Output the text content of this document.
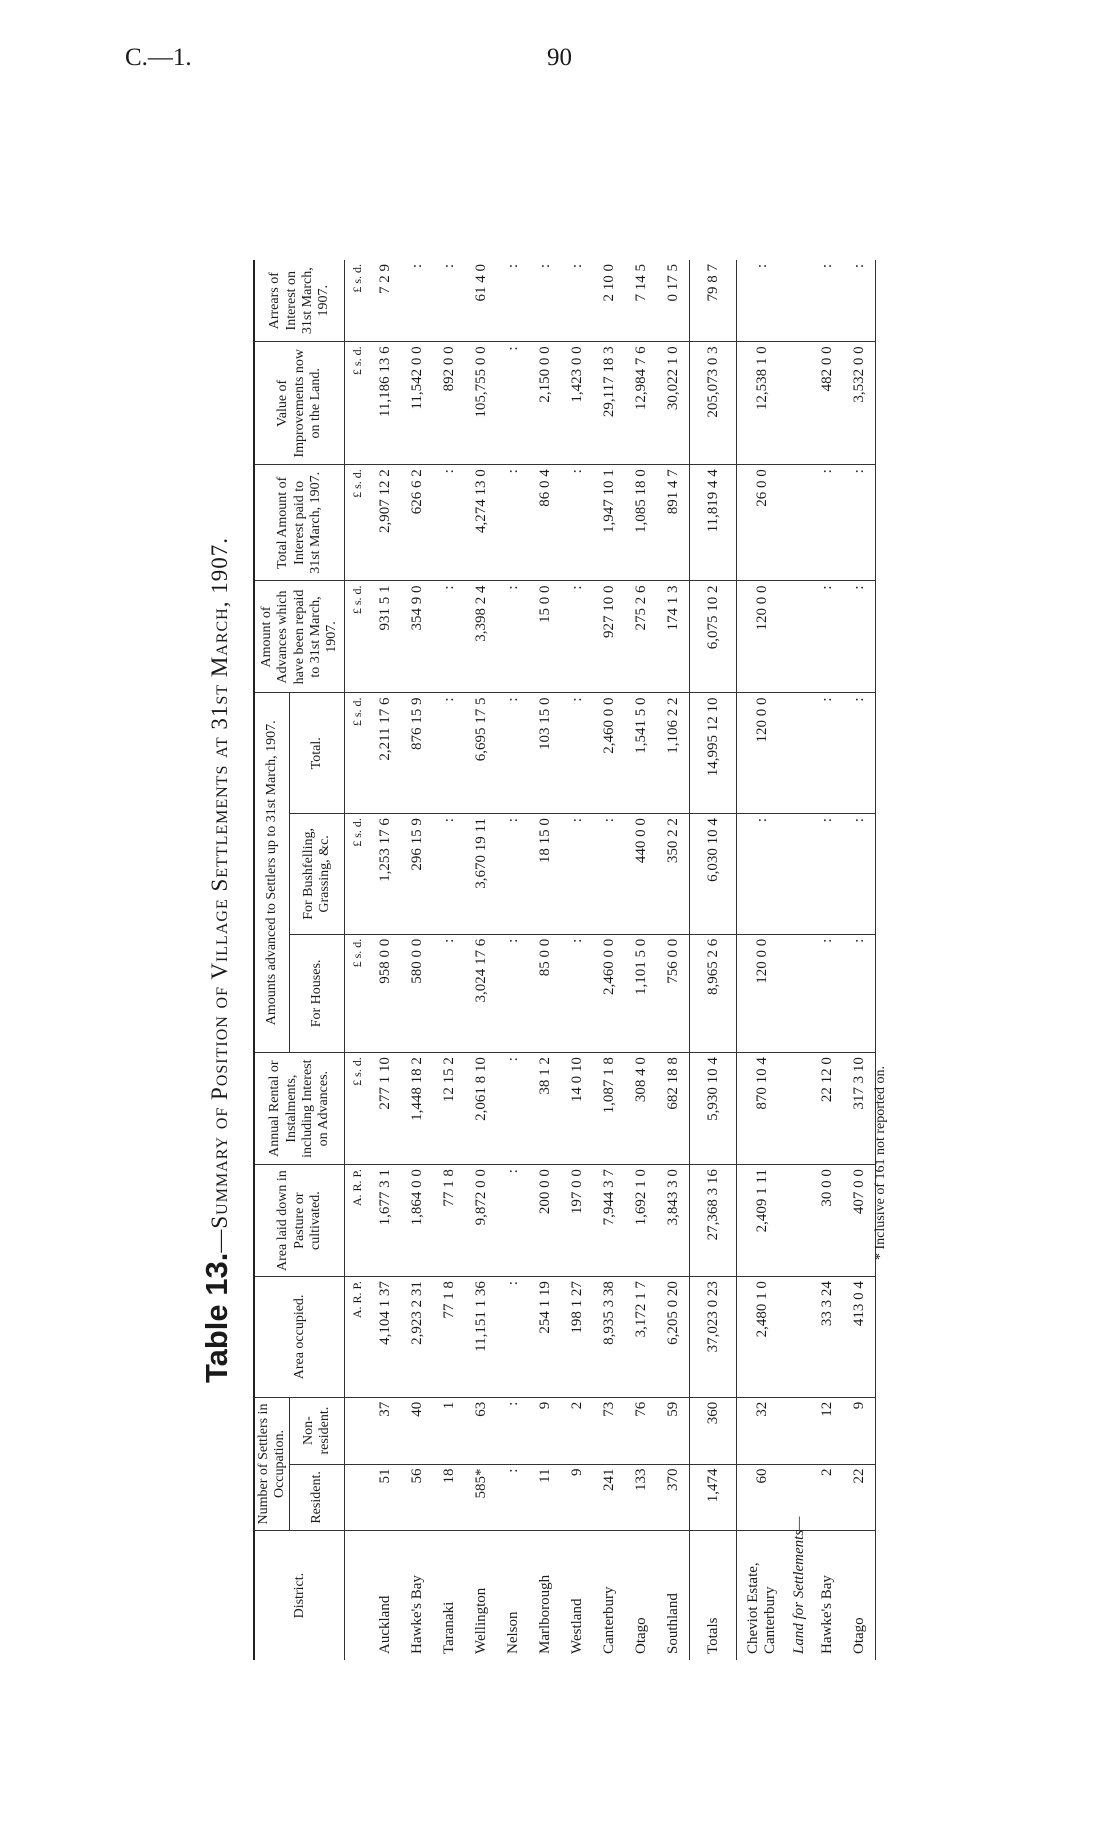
C.—1.	90
Table 13.—Summary of Position of Village Settlements at 31st March, 1907.
District.	Number of Settlers in Occupation.		Area occupied.	Area laid down in Pasture or cultivated.	Annual Rental or Instalments, including Interest on Advances.	Amounts advanced to Settlers up to 31st March, 1907.			Amount of Advances which have been repaid to 31st March, 1907.	Total Amount of Interest paid to 31st March, 1907.	Value of Improvements now on the Land.	Arrears of Interest on 31st March, 1907.
	Resident.	Non-resident.				For Houses.	For Bushfelling, Grassing, &c.	Total.				
			A. R. P.	A. R. P.	£ s. d.	£ s. d.	£ s. d.	£ s. d.	£ s. d.	£ s. d.	£ s. d.	£ s. d.
Auckland	51	37	4,104 1 37	1,677 3 1	277 1 10	958 0 0	1,253 17 6	2,211 17 6	931 5 1	2,907 12 2	11,186 13 6	7 2 9
Hawke's Bay	56	40	2,923 2 31	1,864 0 0	1,448 18 2	580 0 0	296 15 9	876 15 9	354 9 0	626 6 2	11,542 0 0	:
Taranaki	18	1	77 1 8	77 1 8	12 15 2	:	:	:	:	:	892 0 0	:
Wellington	585*	63	11,151 1 36	9,872 0 0	2,061 8 10	3,024 17 6	3,670 19 11	6,695 17 5	3,398 2 4	4,274 13 0	105,755 0 0	61 4 0
Nelson	:	:	:	:	:	:	:	:	:	:	:	:
Marlborough	11	9	254 1 19	200 0 0	38 1 2	85 0 0	18 15 0	103 15 0	15 0 0	86 0 4	2,150 0 0	:
Westland	9	2	198 1 27	197 0 0	14 0 10	:	:	:	:	:	1,423 0 0	:
Canterbury	241	73	8,935 3 38	7,944 3 7	1,087 1 8	2,460 0 0	:	2,460 0 0	927 10 0	1,947 10 1	29,117 18 3	2 10 0
Otago	133	76	3,172 1 7	1,692 1 0	308 4 0	1,101 5 0	440 0 0	1,541 5 0	275 2 6	1,085 18 0	12,984 7 6	7 14 5
Southland	370	59	6,205 0 20	3,843 3 0	682 18 8	756 0 0	350 2 2	1,106 2 2	174 1 3	891 4 7	30,022 1 0	0 17 5
Totals	1,474	360	37,023 0 23	27,368 3 16	5,930 10 4	8,965 2 6	6,030 10 4	14,995 12 10	6,075 10 2	11,819 4 4	205,073 0 3	79 8 7
Cheviot Estate,
Canterbury	60	32	2,480 1 0	2,409 1 11	870 10 4	120 0 0	:	120 0 0	120 0 0	26 0 0	12,538 1 0	:
Land for Settlements—												
Hawke's Bay	2	12	33 3 24	30 0 0	22 12 0	:	:	:	:	:	482 0 0	:
Otago	22	9	413 0 4	407 0 0	317 3 10	:	:	:	:	:	3,532 0 0	:
* Inclusive of 161 not reported on.
